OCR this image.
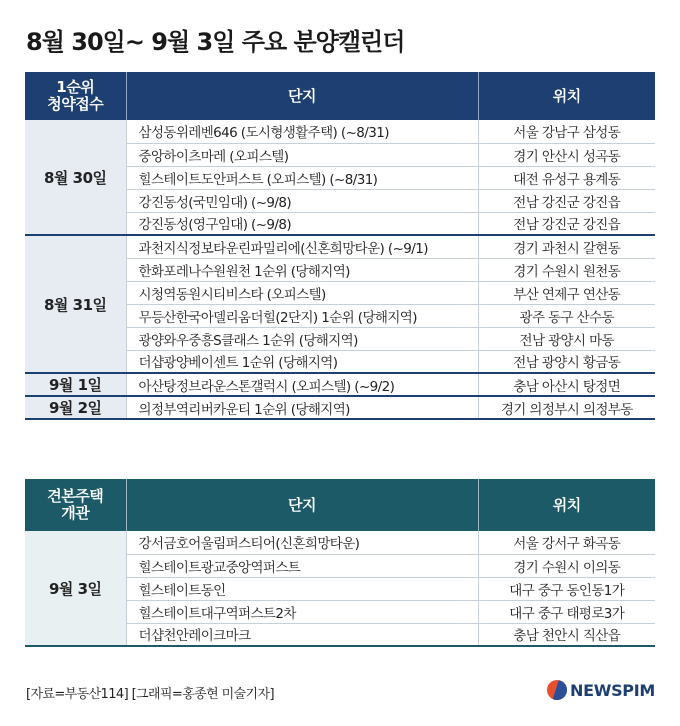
8월 30일~ 9월 3일 주요 분양캘린더
1순위
청약접수	단지	위치
8월 30일	삼성동위레벤646 (도시형생활주택) (~8/31)	서울 강남구 삼성동
	중앙하이츠마레 (오피스텔)	경기 안산시 성곡동
	힐스테이트도안퍼스트 (오피스텔) (~8/31)	대전 유성구 용계동
	강진동성(국민임대) (~9/8)	전남 강진군 강진읍
	강진동성(영구임대) (~9/8)	전남 강진군 강진읍
8월 31일	과천지식정보타운린파밀리에(신혼희망타운) (~9/1)	경기 과천시 갈현동
	한화포레나수원원천 1순위 (당해지역)	경기 수원시 원천동
	시청역동원시티비스타 (오피스텔)	부산 연제구 연산동
	무등산한국아델리움더힐(2단지) 1순위 (당해지역)	광주 동구 산수동
	광양와우중흥S클래스 1순위 (당해지역)	전남 광양시 마동
	더샵광양베이센트 1순위 (당해지역)	전남 광양시 황금동
9월 1일	아산탕정브라운스톤갤럭시 (오피스텔) (~9/2)	충남 아산시 탕정면
9월 2일	의정부역리버카운티 1순위 (당해지역)	경기 의정부시 의정부동
견본주택
개관	단지	위치
9월 3일	강서금호어울림퍼스티어(신혼희망타운)	서울 강서구 화곡동
	힐스테이트광교중앙역퍼스트	경기 수원시 이의동
	힐스테이트동인	대구 중구 동인동1가
	힐스테이트대구역퍼스트2차	대구 중구 태평로3가
	더샵천안레이크마크	충남 천안시 직산읍
[자료=부동산114] [그래픽=홍종현 미술기자]	NEWSPIM
